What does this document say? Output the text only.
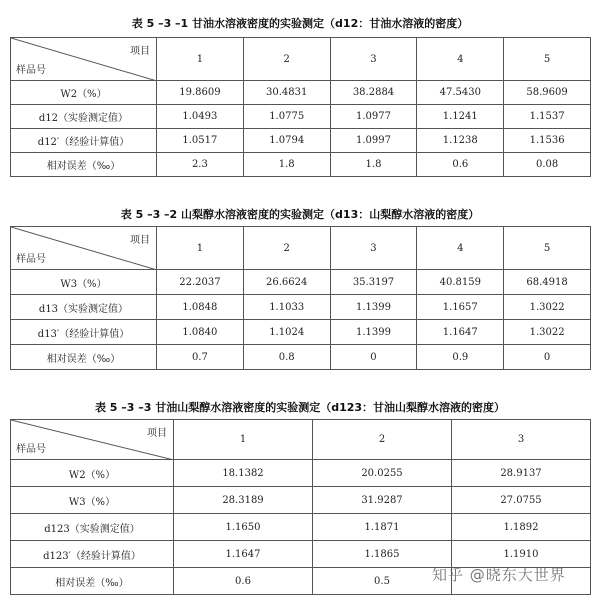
表 5 –3 –1 甘油水溶液密度的实验测定（d12：甘油水溶液的密度）
项目
样品号	1	2	3	4	5
W2（%）	19.8609	30.4831	38.2884	47.5430	58.9609
d12（实验测定值）	1.0493	1.0775	1.0977	1.1241	1.1537
d12′（经验计算值）	1.0517	1.0794	1.0997	1.1238	1.1536
相对误差（‰）	2.3	1.8	1.8	0.6	0.08
表 5 –3 –2 山梨醇水溶液密度的实验测定（d13：山梨醇水溶液的密度）
项目
样品号	1	2	3	4	5
W3（%）	22.2037	26.6624	35.3197	40.8159	68.4918
d13（实验测定值）	1.0848	1.1033	1.1399	1.1657	1.3022
d13′（经验计算值）	1.0840	1.1024	1.1399	1.1647	1.3022
相对误差（‰）	0.7	0.8	0	0.9	0
表 5 –3 –3 甘油山梨醇水溶液密度的实验测定（d123：甘油山梨醇水溶液的密度）
项目
样品号	1	2	3
W2（%）	18.1382	20.0255	28.9137
W3（%）	28.3189	31.9287	27.0755
d123（实验测定值）	1.1650	1.1871	1.1892
d123′（经验计算值）	1.1647	1.1865	1.1910
相对误差（‰）	0.6	0.5		知乎 @晓东大世界
